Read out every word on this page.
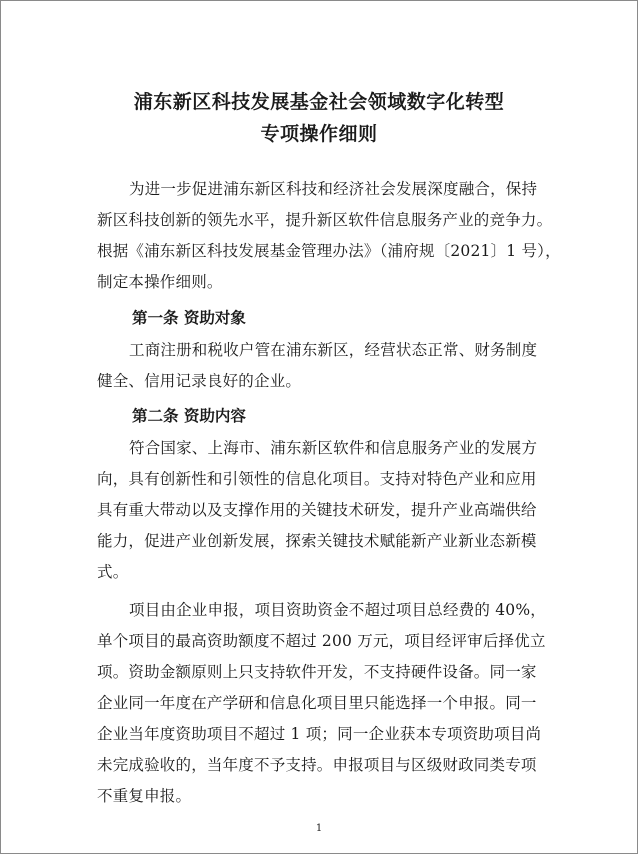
浦东新区科技发展基金社会领域数字化转型
专项操作细则
为进一步促进浦东新区科技和经济社会发展深度融合，保持
新区科技创新的领先水平，提升新区软件信息服务产业的竞争力。
根据《浦东新区科技发展基金管理办法》（浦府规〔2021〕1 号），
制定本操作细则。
第一条 资助对象
工商注册和税收户管在浦东新区，经营状态正常、财务制度
健全、信用记录良好的企业。
第二条 资助内容
符合国家、上海市、浦东新区软件和信息服务产业的发展方
向，具有创新性和引领性的信息化项目。支持对特色产业和应用
具有重大带动以及支撑作用的关键技术研发，提升产业高端供给
能力，促进产业创新发展，探索关键技术赋能新产业新业态新模
式。
项目由企业申报，项目资助资金不超过项目总经费的 40%，
单个项目的最高资助额度不超过 200 万元，项目经评审后择优立
项。资助金额原则上只支持软件开发，不支持硬件设备。同一家
企业同一年度在产学研和信息化项目里只能选择一个申报。同一
企业当年度资助项目不超过 1 项；同一企业获本专项资助项目尚
未完成验收的，当年度不予支持。申报项目与区级财政同类专项
不重复申报。
1
